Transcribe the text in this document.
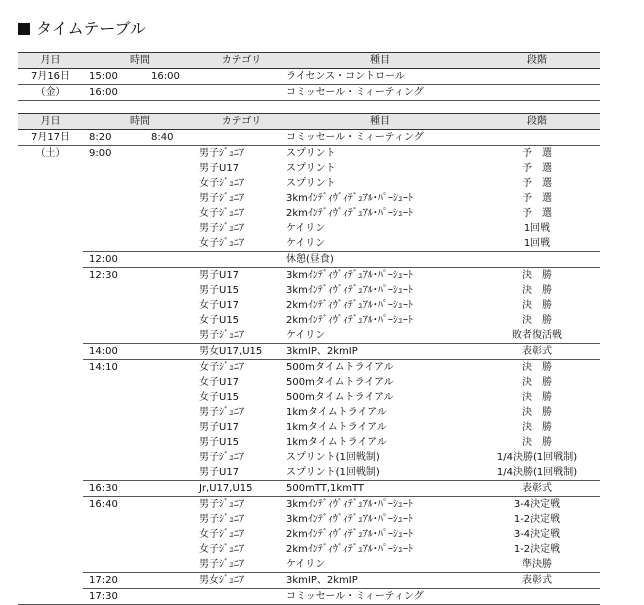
タイムテーブル
月日	時間		カテゴリ	種目	段階
7月16日	15:00	16:00		ライセンス・コントロール	
（金）	16:00			コミッセール・ミィーティング	
月日	時間		カテゴリ	種目	段階
7月17日	8:20	8:40		コミッセール・ミィーティング	
（土）	9:00		男子ｼﾞｭﾆｱ	スプリント	予　選
			男子U17	スプリント	予　選
			女子ｼﾞｭﾆｱ	スプリント	予　選
			男子ｼﾞｭﾆｱ	3kmｲﾝﾃﾞｨｳﾞｨﾃﾞｭｱﾙ･ﾊﾟｰｼｭｰﾄ	予　選
			女子ｼﾞｭﾆｱ	2kmｲﾝﾃﾞｨｳﾞｨﾃﾞｭｱﾙ･ﾊﾟｰｼｭｰﾄ	予　選
			男子ｼﾞｭﾆｱ	ケイリン	1回戦
			女子ｼﾞｭﾆｱ	ケイリン	1回戦
	12:00			休憩(昼食)	
	12:30		男子U17	3kmｲﾝﾃﾞｨｳﾞｨﾃﾞｭｱﾙ･ﾊﾟｰｼｭｰﾄ	決　勝
			男子U15	3kmｲﾝﾃﾞｨｳﾞｨﾃﾞｭｱﾙ･ﾊﾟｰｼｭｰﾄ	決　勝
			女子U17	2kmｲﾝﾃﾞｨｳﾞｨﾃﾞｭｱﾙ･ﾊﾟｰｼｭｰﾄ	決　勝
			女子U15	2kmｲﾝﾃﾞｨｳﾞｨﾃﾞｭｱﾙ･ﾊﾟｰｼｭｰﾄ	決　勝
			男子ｼﾞｭﾆｱ	ケイリン	敗者復活戦
	14:00		男女U17,U15	3kmIP、2kmIP	表彰式
	14:10		女子ｼﾞｭﾆｱ	500mタイムトライアル	決　勝
			女子U17	500mタイムトライアル	決　勝
			女子U15	500mタイムトライアル	決　勝
			男子ｼﾞｭﾆｱ	1kmタイムトライアル	決　勝
			男子U17	1kmタイムトライアル	決　勝
			男子U15	1kmタイムトライアル	決　勝
			男子ｼﾞｭﾆｱ	スプリント(1回戦制)	1/4決勝(1回戦制)
			男子U17	スプリント(1回戦制)	1/4決勝(1回戦制)
	16:30		Jr,U17,U15	500mTT,1kmTT	表彰式
	16:40		男子ｼﾞｭﾆｱ	3kmｲﾝﾃﾞｨｳﾞｨﾃﾞｭｱﾙ･ﾊﾟｰｼｭｰﾄ	3-4決定戦
			男子ｼﾞｭﾆｱ	3kmｲﾝﾃﾞｨｳﾞｨﾃﾞｭｱﾙ･ﾊﾟｰｼｭｰﾄ	1-2決定戦
			女子ｼﾞｭﾆｱ	2kmｲﾝﾃﾞｨｳﾞｨﾃﾞｭｱﾙ･ﾊﾟｰｼｭｰﾄ	3-4決定戦
			女子ｼﾞｭﾆｱ	2kmｲﾝﾃﾞｨｳﾞｨﾃﾞｭｱﾙ･ﾊﾟｰｼｭｰﾄ	1-2決定戦
			男子ｼﾞｭﾆｱ	ケイリン	準決勝
	17:20		男女ｼﾞｭﾆｱ	3kmIP、2kmIP	表彰式
	17:30			コミッセール・ミィーティング	
